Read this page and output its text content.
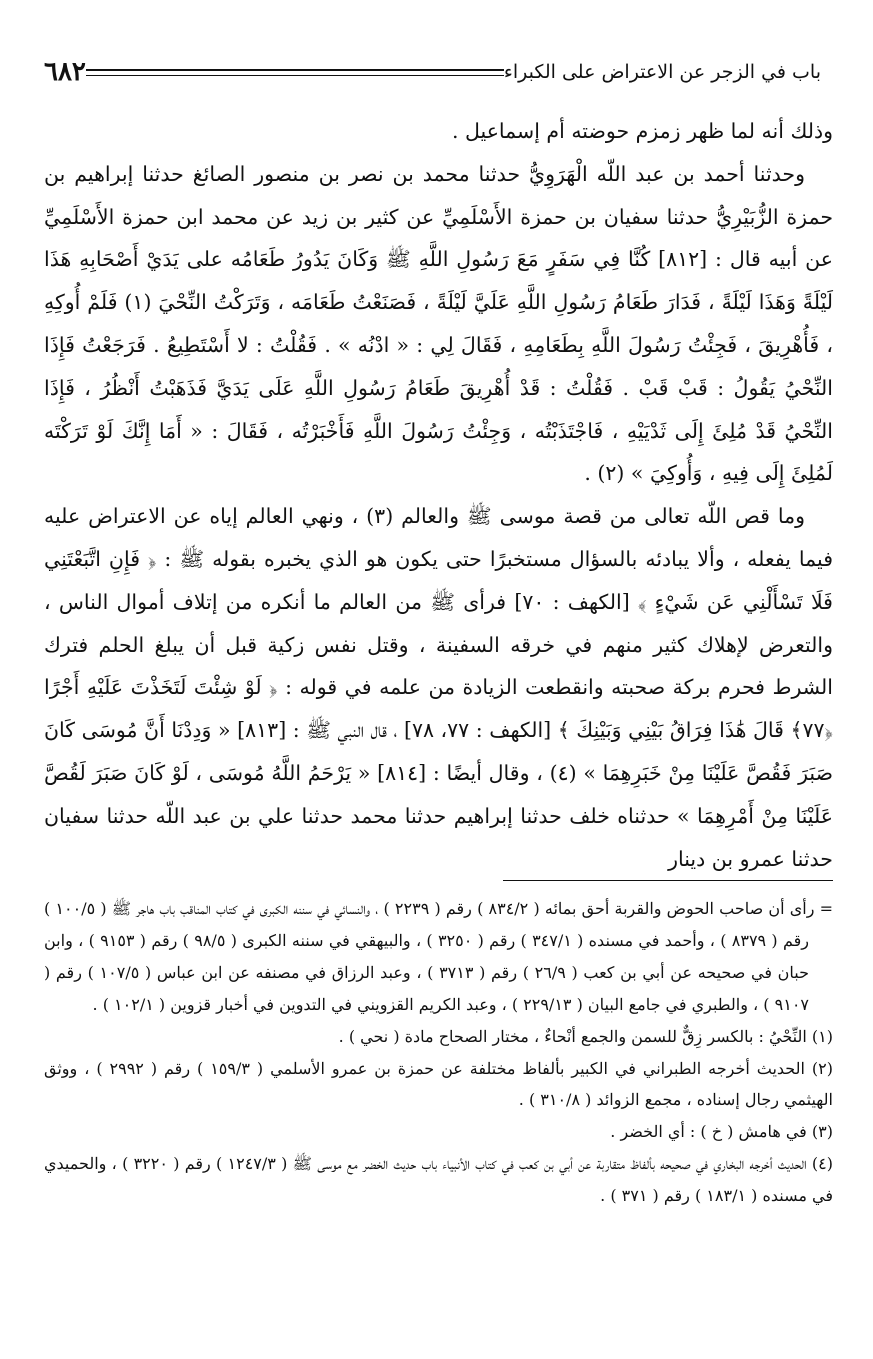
باب في الزجر عن الاعتراض على الكبراء
٦٨٢

وذلك أنه لما ظهر زمزم حوضته أم إسماعيل .

وحدثنا أحمد بن عبد اللّه الْهَرَوِيُّ حدثنا محمد بن نصر بن منصور الصائغ حدثنا إبراهيم بن حمزة الزُّبَيْرِيُّ حدثنا سفيان بن حمزة الأَسْلَمِيِّ عن كثير بن زيد عن محمد ابن حمزة الأَسْلَمِيِّ عن أبيه قال : [٨١٢] كُنَّا فِي سَفَرٍ مَعَ رَسُولِ اللَّهِ ﷺ وَكَانَ يَدُورُ طَعَامُه على يَدَيْ أَصْحَابِهِ هَذَا لَيْلَةً وَهَذَا لَيْلَةً ، فَدَارَ طَعَامُ رَسُولِ اللَّهِ عَلَيَّ لَيْلَةً ، فَصَنَعْتُ طَعَامَه ، وَتَرَكْتُ النِّحْيَ (١) فَلَمْ أُوكِهِ ، فَأُهْرِيقَ ، فَجِئْتُ رَسُولَ اللَّهِ بِطَعَامِهِ ، فَقَالَ لِي : « ادْنُه » . فَقُلْتُ : لا أَسْتَطِيعُ . فَرَجَعْتُ فَإِذَا النِّحْيُ يَقُولُ : قَبْ قَبْ . فَقُلْتُ : قَدْ أُهْرِيقَ طَعَامُ رَسُولِ اللَّهِ عَلَى يَدَيَّ فَذَهَبْتُ أَنْظُرُ ، فَإِذَا النِّحْيُ قَدْ مُلِئَ إِلَى ثَدْيَيْهِ ، فَاجْتَذَبْتُه ، وَجِئْتُ رَسُولَ اللَّهِ فَأَخْبَرْتُه ، فَقَالَ : « أَمَا إِنَّكَ لَوْ تَرَكْتَه لَمُلِئَ إِلَى فِيهِ ، وَأُوكِيَ » (٢) .

وما قص اللّه تعالى من قصة موسى ﷺ والعالم (٣) ، ونهي العالم إياه عن الاعتراض عليه فيما يفعله ، وألا يبادئه بالسؤال مستخبرًا حتى يكون هو الذي يخبره بقوله ﷺ : ﴿ فَإِنِ اتَّبَعْتَنِي فَلَا تَسْأَلْنِي عَن شَيْءٍ ﴾ [الكهف : ٧٠] فرأى ﷺ من العالم ما أنكره من إتلاف أموال الناس ، والتعرض لإهلاك كثير منهم في خرقه السفينة ، وقتل نفس زكية قبل أن يبلغ الحلم فترك الشرط فحرم بركة صحبته وانقطعت الزيادة من علمه في قوله : ﴿ لَوْ شِئْتَ لَتَخَذْتَ عَلَيْهِ أَجْرًا ﴿٧٧﴾ قَالَ هَٰذَا فِرَاقُ بَيْنِي وَبَيْنِكَ ﴾ [الكهف : ٧٧، ٧٨] ، قال النبي ﷺ : [٨١٣] « وَدِدْنَا أَنَّ مُوسَى كَانَ صَبَرَ فَقُصَّ عَلَيْنَا مِنْ خَبَرِهِمَا » (٤) ، وقال أيضًا : [٨١٤] « يَرْحَمُ اللَّهُ مُوسَى ، لَوْ كَانَ صَبَرَ لَقُصَّ عَلَيْنَا مِنْ أَمْرِهِمَا » حدثناه خلف حدثنا إبراهيم حدثنا محمد حدثنا علي بن عبد اللّه حدثنا سفيان حدثنا عمرو بن دينار

= رأى أن صاحب الحوض والقربة أحق بمائه ( ٨٣٤/٢ ) رقم ( ٢٢٣٩ ) ، والنسائي في سننه الكبرى في كتاب المناقب باب هاجر ﷺ ( ١٠٠/٥ ) رقم ( ٨٣٧٩ ) ، وأحمد في مسنده ( ٣٤٧/١ ) رقم ( ٣٢٥٠ ) ، والبيهقي في سننه الكبرى ( ٩٨/٥ ) رقم ( ٩١٥٣ ) ، وابن حبان في صحيحه عن أبي بن كعب ( ٢٦/٩ ) رقم ( ٣٧١٣ ) ، وعبد الرزاق في مصنفه عن ابن عباس ( ١٠٧/٥ ) رقم ( ٩١٠٧ ) ، والطبري في جامع البيان ( ٢٢٩/١٣ ) ، وعبد الكريم القزويني في التدوين في أخبار قزوين ( ١٠٢/١ ) .

(١) النِّحْيُ : بالكسر زِقٌّ للسمن والجمع أنْحاءٌ ، مختار الصحاح مادة ( نحي ) .

(٢) الحديث أخرجه الطبراني في الكبير بألفاظ مختلفة عن حمزة بن عمرو الأسلمي ( ١٥٩/٣ ) رقم ( ٢٩٩٢ ) ، ووثق الهيثمي رجال إسناده ، مجمع الزوائد ( ٣١٠/٨ ) .

(٣) في هامش ( خ ) : أي الخضر .

(٤) الحديث أخرجه البخاري في صحيحه بألفاظ متقاربة عن أبي بن كعب في كتاب الأنبياء باب حديث الخضر مع موسى ﷺ ( ١٢٤٧/٣ ) رقم ( ٣٢٢٠ ) ، والحميدي في مسنده ( ١٨٣/١ ) رقم ( ٣٧١ ) .
